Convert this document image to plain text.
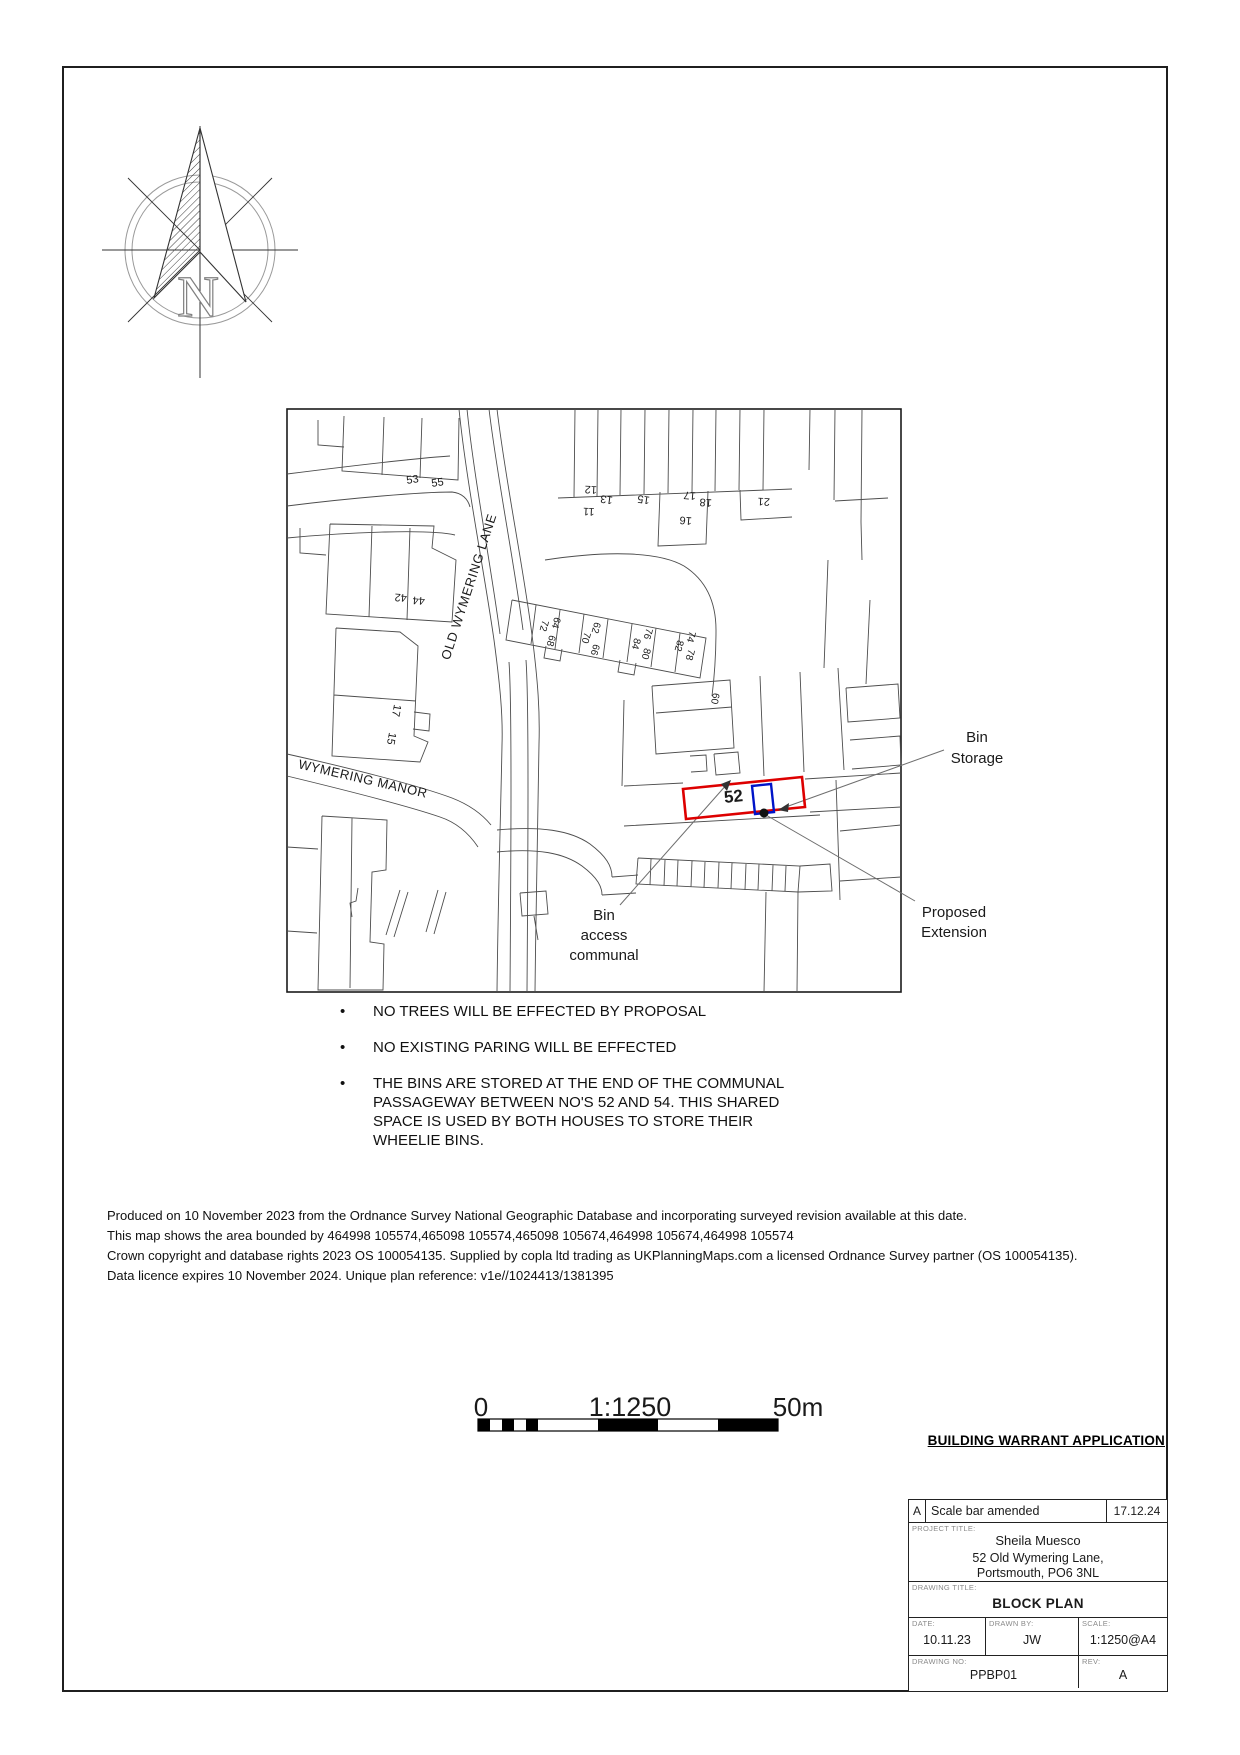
53 55
42 44
17
15
12
11
13 15	17
16
18	21
64
68
72	62
70
66
76
84
80
74
82
78
60
OLD WYMERING LANE
WYMERING MANOR	52
Bin Storage
Proposed Extension
Bin access communal
0	1:1250	50m
N
•	NO TREES WILL BE EFFECTED BY PROPOSAL
•	NO EXISTING PARING WILL BE EFFECTED
•	THE BINS ARE STORED AT THE END OF THE COMMUNAL PASSAGEWAY BETWEEN NO'S 52 AND 54. THIS SHARED SPACE IS USED BY BOTH HOUSES TO STORE THEIR WHEELIE BINS.
Produced on 10 November 2023 from the Ordnance Survey National Geographic Database and incorporating surveyed revision available at this date.
This map shows the area bounded by 464998 105574,465098 105574,465098 105674,464998 105674,464998 105574
Crown copyright and database rights 2023 OS 100054135. Supplied by copla ltd trading as UKPlanningMaps.com a licensed Ordnance Survey partner (OS 100054135).
Data licence expires 10 November 2024. Unique plan reference: v1e//1024413/1381395
BUILDING WARRANT APPLICATION
A Scale bar amended	17.12.24
PROJECT TITLE:
Sheila Muesco
52 Old Wymering Lane,
Portsmouth, PO6 3NL
DRAWING TITLE:
BLOCK PLAN
DATE:
10.11.23
DRAWN BY:
JW
SCALE:
1:1250@A4
DRAWING NO:
PPBP01
REV:
A
